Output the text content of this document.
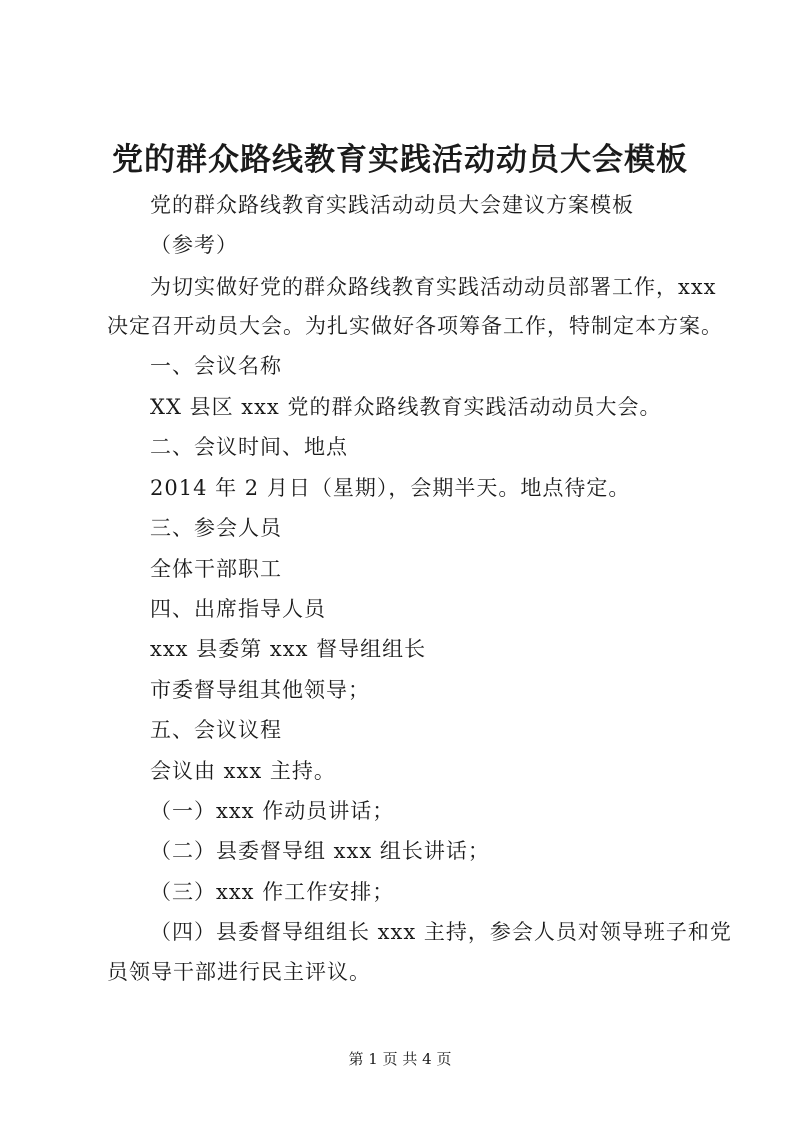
党的群众路线教育实践活动动员大会模板
党的群众路线教育实践活动动员大会建议方案模板
（参考）
为切实做好党的群众路线教育实践活动动员部署工作，xxx
决定召开动员大会。为扎实做好各项筹备工作，特制定本方案。
一、会议名称
XX 县区 xxx 党的群众路线教育实践活动动员大会。
二、会议时间、地点
2014 年 2 月日（星期），会期半天。地点待定。
三、参会人员
全体干部职工
四、出席指导人员
xxx 县委第 xxx 督导组组长
市委督导组其他领导；
五、会议议程
会议由 xxx 主持。
（一）xxx 作动员讲话；
（二）县委督导组 xxx 组长讲话；
（三）xxx 作工作安排；
（四）县委督导组组长 xxx 主持，参会人员对领导班子和党
员领导干部进行民主评议。
第 1 页 共 4 页
